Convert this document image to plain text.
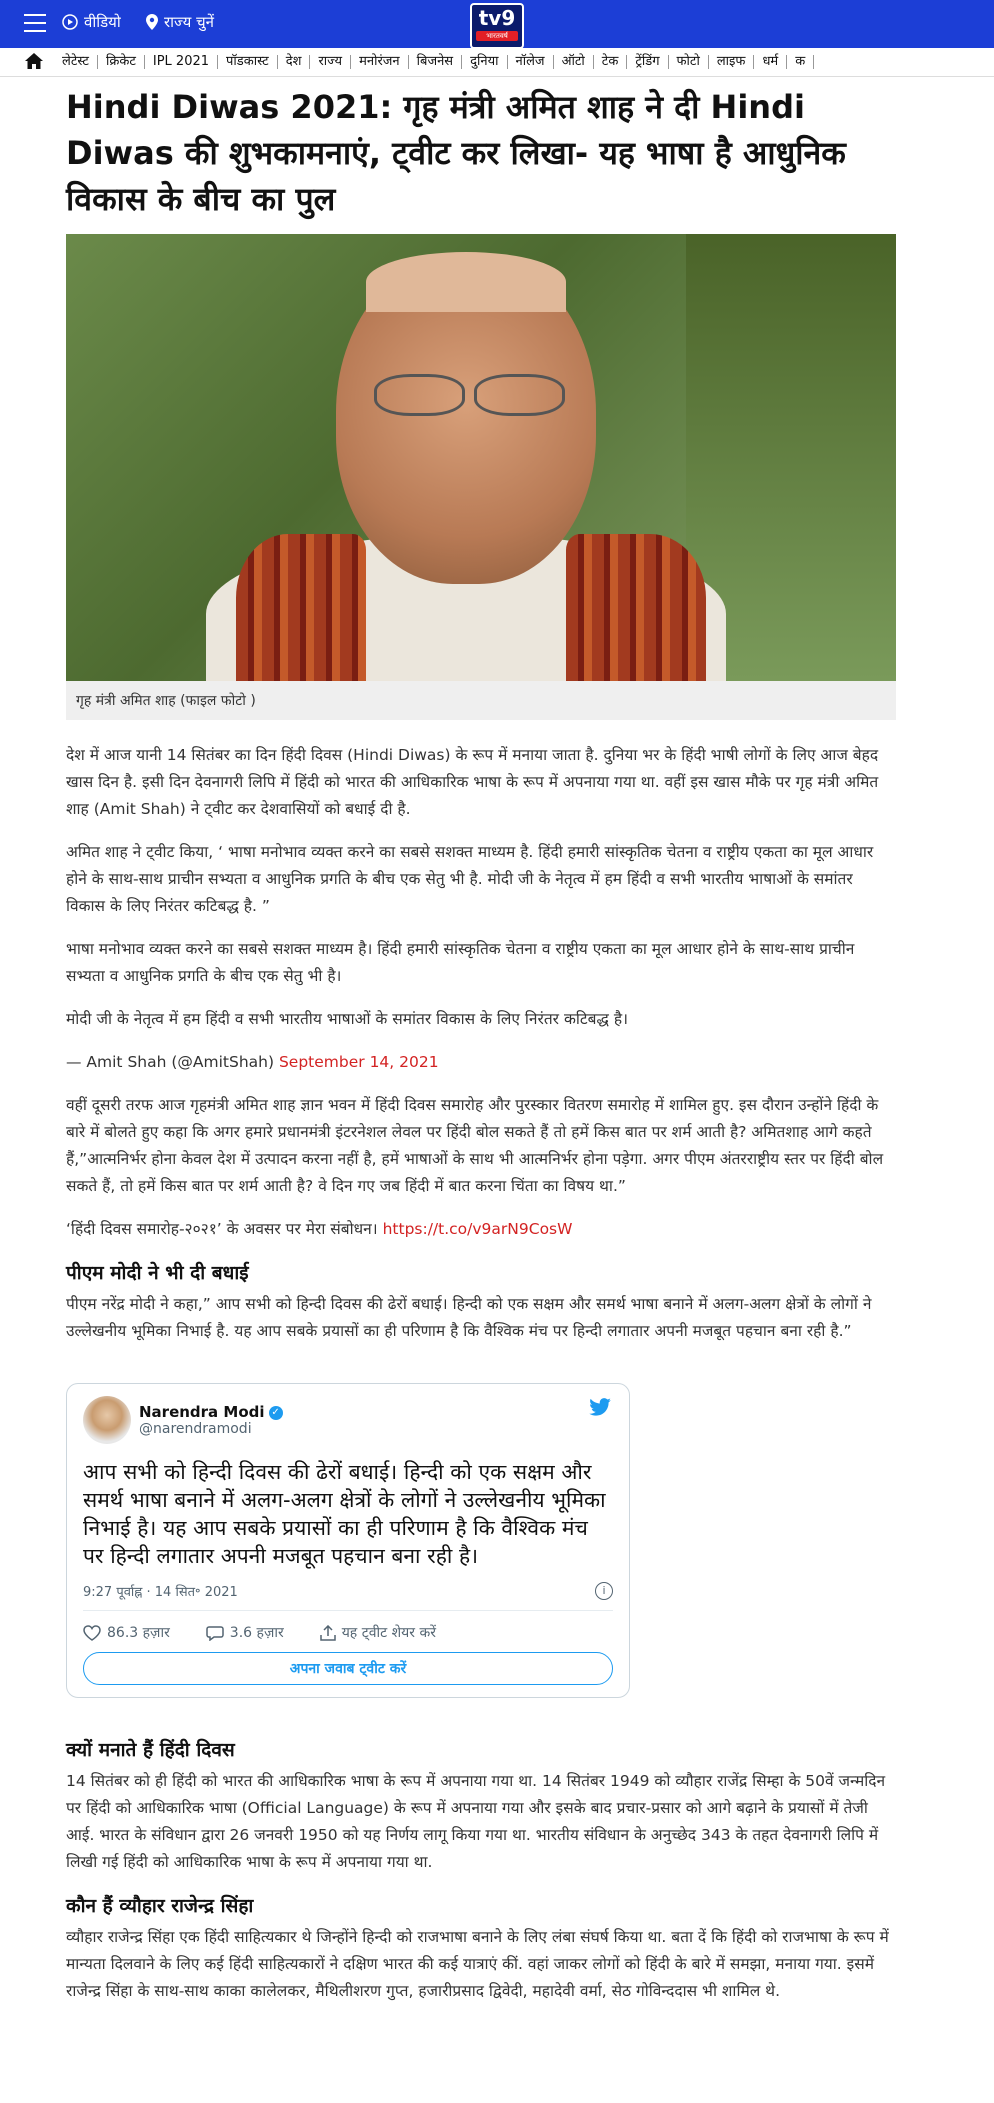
वीडियो	राज्य चुनें	tv9
भारतवर्ष
लेटेस्ट	क्रिकेट	IPL 2021	पॉडकास्ट	देश	राज्य	मनोरंजन	बिजनेस	दुनिया	नॉलेज	ऑटो	टेक	ट्रेंडिंग	फोटो	लाइफ	धर्म	क
Hindi Diwas 2021: गृह मंत्री अमित शाह ने दी Hindi Diwas की शुभकामनाएं, ट्वीट कर लिखा- यह भाषा है आधुनिक विकास के बीच का पुल
गृह मंत्री अमित शाह (फाइल फोटो )

देश में आज यानी 14 सितंबर का दिन हिंदी दिवस (Hindi Diwas) के रूप में मनाया जाता है. दुनिया भर के हिंदी भाषी लोगों के लिए आज बेहद खास दिन है. इसी दिन देवनागरी लिपि में हिंदी को भारत की आधिकारिक भाषा के रूप में अपनाया गया था. वहीं इस खास मौके पर गृह मंत्री अमित शाह (Amit Shah) ने ट्वीट कर देशवासियों को बधाई दी है.

अमित शाह ने ट्वीट किया, ‘ भाषा मनोभाव व्यक्त करने का सबसे सशक्त माध्यम है. हिंदी हमारी सांस्कृतिक चेतना व राष्ट्रीय एकता का मूल आधार होने के साथ-साथ प्राचीन सभ्यता व आधुनिक प्रगति के बीच एक सेतु भी है. मोदी जी के नेतृत्व में हम हिंदी व सभी भारतीय भाषाओं के समांतर विकास के लिए निरंतर कटिबद्ध है. ”

भाषा मनोभाव व्यक्त करने का सबसे सशक्त माध्यम है। हिंदी हमारी सांस्कृतिक चेतना व राष्ट्रीय एकता का मूल आधार होने के साथ-साथ प्राचीन सभ्यता व आधुनिक प्रगति के बीच एक सेतु भी है।

मोदी जी के नेतृत्व में हम हिंदी व सभी भारतीय भाषाओं के समांतर विकास के लिए निरंतर कटिबद्ध है।

— Amit Shah (@AmitShah) September 14, 2021

वहीं दूसरी तरफ आज गृहमंत्री अमित शाह ज्ञान भवन में हिंदी दिवस समारोह और पुरस्कार वितरण समारोह में शामिल हुए. इस दौरान उन्होंने हिंदी के बारे में बोलते हुए कहा कि अगर हमारे प्रधानमंत्री इंटरनेशल लेवल पर हिंदी बोल सकते हैं तो हमें किस बात पर शर्म आती है? अमितशाह आगे कहते हैं,”आत्मनिर्भर होना केवल देश में उत्पादन करना नहीं है, हमें भाषाओं के साथ भी आत्मनिर्भर होना पड़ेगा. अगर पीएम अंतरराष्ट्रीय स्तर पर हिंदी बोल सकते हैं, तो हमें किस बात पर शर्म आती है? वे दिन गए जब हिंदी में बात करना चिंता का विषय था.”

‘हिंदी दिवस समारोह-२०२१’ के अवसर पर मेरा संबोधन। https://t.co/v9arN9CosW

पीएम मोदी ने भी दी बधाई

पीएम नरेंद्र मोदी ने कहा,” आप सभी को हिन्दी दिवस की ढेरों बधाई। हिन्दी को एक सक्षम और समर्थ भाषा बनाने में अलग-अलग क्षेत्रों के लोगों ने उल्लेखनीय भूमिका निभाई है. यह आप सबके प्रयासों का ही परिणाम है कि वैश्विक मंच पर हिन्दी लगातार अपनी मजबूत पहचान बना रही है.”

Narendra Modi ✓
@narendramodi
आप सभी को हिन्दी दिवस की ढेरों बधाई। हिन्दी को एक सक्षम और समर्थ भाषा बनाने में अलग-अलग क्षेत्रों के लोगों ने उल्लेखनीय भूमिका निभाई है। यह आप सबके प्रयासों का ही परिणाम है कि वैश्विक मंच पर हिन्दी लगातार अपनी मजबूत पहचान बना रही है।
9:27 पूर्वाह्न · 14 सित॰ 2021	i
86.3 हज़ार	3.6 हज़ार	यह ट्वीट शेयर करें
अपना जवाब ट्वीट करें
क्यों मनाते हैं हिंदी दिवस

14 सितंबर को ही हिंदी को भारत की आधिकारिक भाषा के रूप में अपनाया गया था. 14 सितंबर 1949 को व्यौहार राजेंद्र सिम्हा के 50वें जन्मदिन पर हिंदी को आधिकारिक भाषा (Official Language) के रूप में अपनाया गया और इसके बाद प्रचार-प्रसार को आगे बढ़ाने के प्रयासों में तेजी आई. भारत के संविधान द्वारा 26 जनवरी 1950 को यह निर्णय लागू किया गया था. भारतीय संविधान के अनुच्छेद 343 के तहत देवनागरी लिपि में लिखी गई हिंदी को आधिकारिक भाषा के रूप में अपनाया गया था.

कौन हैं व्यौहार राजेन्द्र सिंहा

व्यौहार राजेन्द्र सिंहा एक हिंदी साहित्यकार थे जिन्होंने हिन्दी को राजभाषा बनाने के लिए लंबा संघर्ष किया था. बता दें कि हिंदी को राजभाषा के रूप में मान्यता दिलवाने के लिए कई हिंदी साहित्यकारों ने दक्षिण भारत की कई यात्राएं कीं. वहां जाकर लोगों को हिंदी के बारे में समझा, मनाया गया. इसमें राजेन्द्र सिंहा के साथ-साथ काका कालेलकर, मैथिलीशरण गुप्त, हजारीप्रसाद द्विवेदी, महादेवी वर्मा, सेठ गोविन्ददास भी शामिल थे.
